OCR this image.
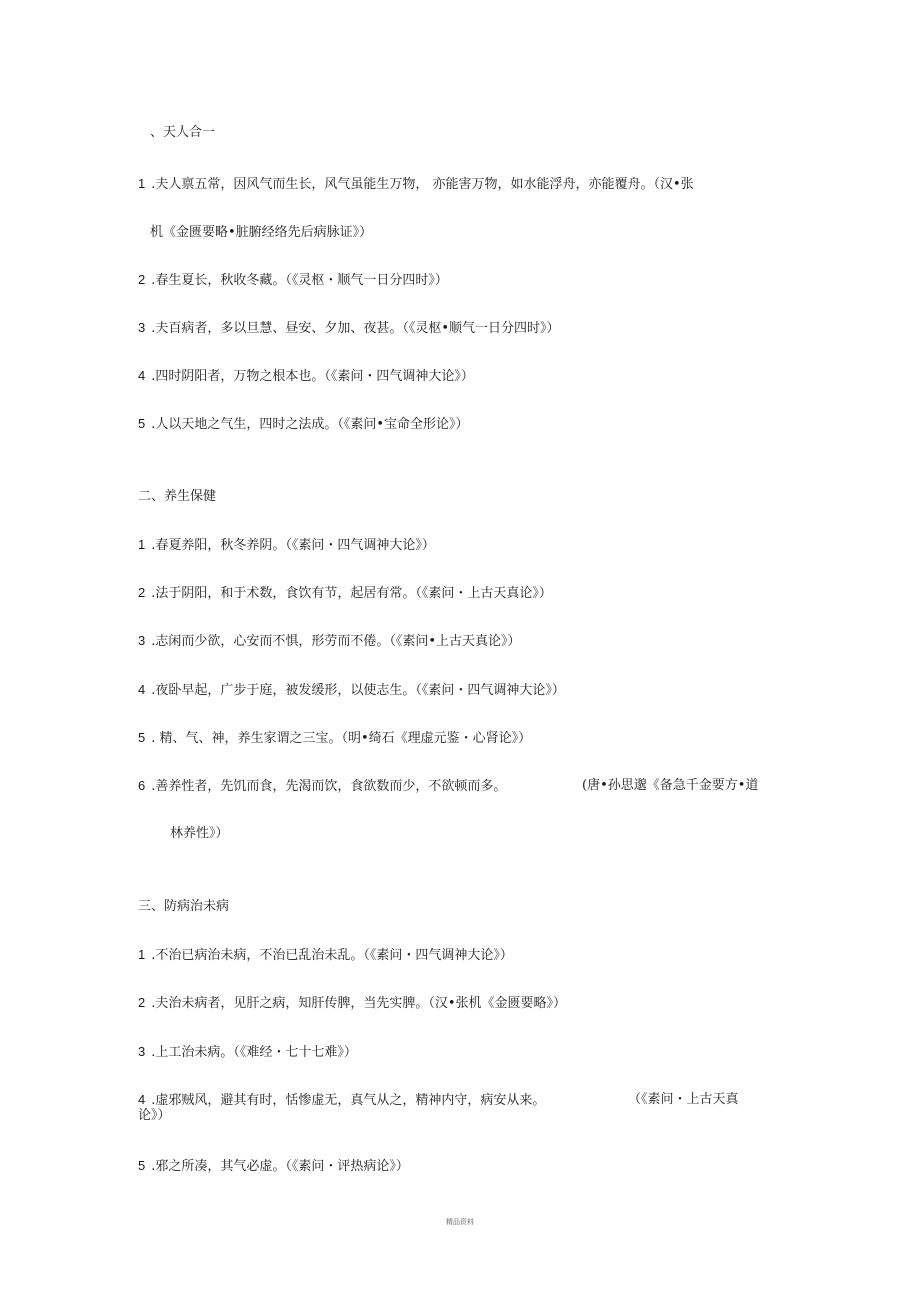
、天人合一
1 .夫人禀五常，因风气而生长，风气虽能生万物， 亦能害万物，如水能浮舟，亦能覆舟。（汉•张
机《金匮要略•脏腑经络先后病脉证》）
2 .春生夏长，秋收冬藏。（《灵枢・顺气一日分四时》）
3 .夫百病者，多以旦慧、昼安、夕加、夜甚。（《灵枢•顺气一日分四时》）
4 .四时阴阳者，万物之根本也。（《素问・四气调神大论》）
5 .人以天地之气生，四时之法成。（《素问•宝命全形论》）
二、养生保健
1 .春夏养阳，秋冬养阴。（《素问・四气调神大论》）
2 .法于阴阳，和于术数，食饮有节，起居有常。（《素问・上古天真论》）
3 .志闲而少欲，心安而不惧，形劳而不倦。（《素问•上古天真论》）
4 .夜卧早起，广步于庭，被发缓形，以使志生。（《素问・四气调神大论》）
5 . 精、气、神，养生家谓之三宝。（明•绮石《理虚元鉴・心肾论》）
6 .善养性者，先饥而食，先渴而饮，食欲数而少，不欲顿而多。	(唐•孙思邈《备急千金要方•道
林养性》）
三、防病治未病
1 .不治已病治未病，不治已乱治未乱。（《素问・四气调神大论》）
2 .夫治未病者，见肝之病，知肝传脾，当先实脾。（汉•张机《金匮要略》）
3 .上工治未病。（《难经・七十七难》）
4 .虚邪贼风，避其有时，恬惨虚无，真气从之，精神内守，病安从来。	（《素问・上古天真
论》）
5 .邪之所凑，其气必虚。（《素问・评热病论》）
精品资料
